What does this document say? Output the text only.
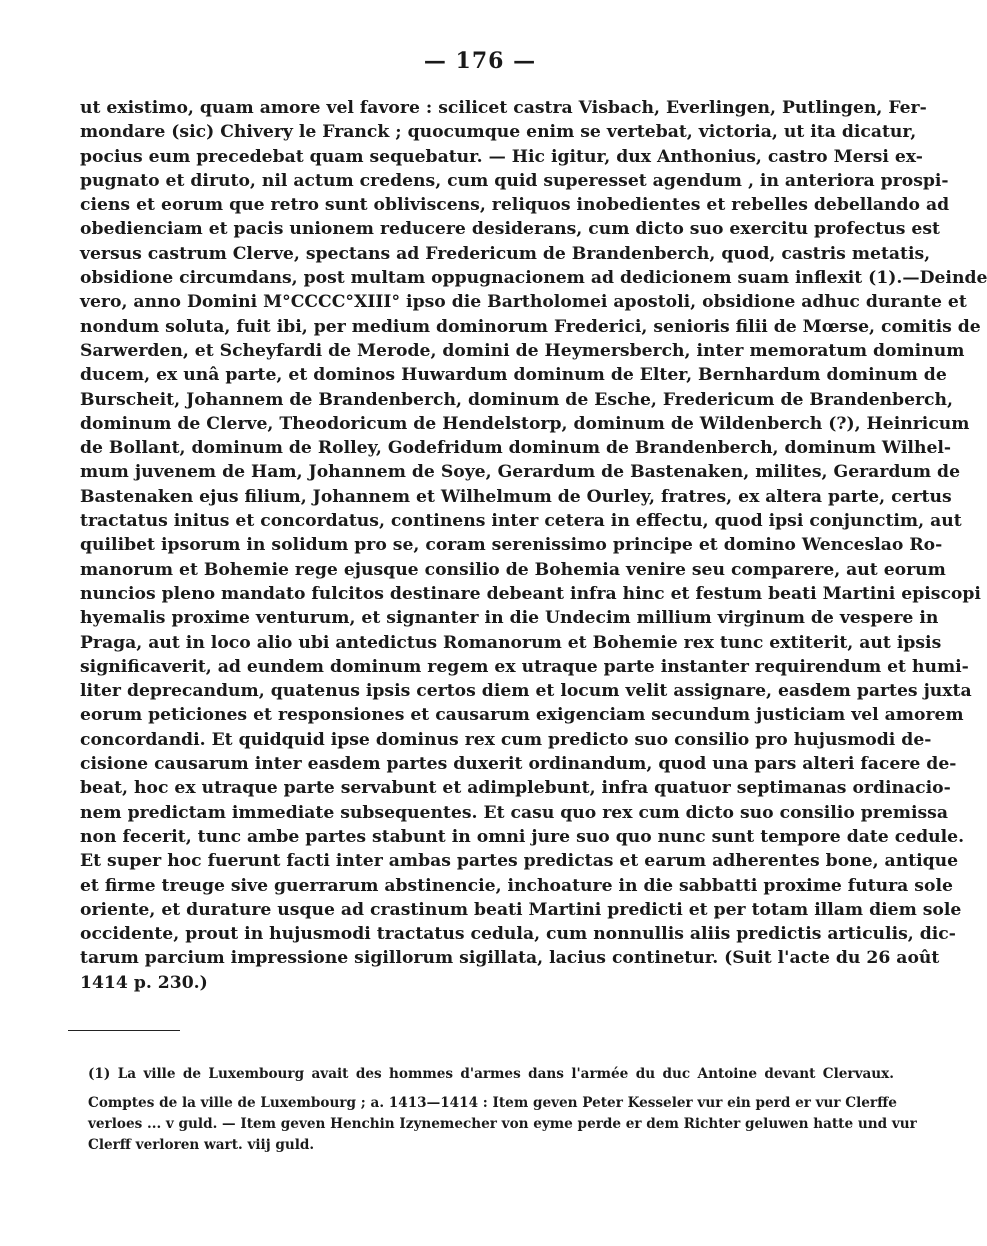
— 176 —
ut existimo, quam amore vel favore : scilicet castra Visbach, Everlingen, Putlingen, Fer-
mondare (sic) Chivery le Franck ; quocumque enim se vertebat, victoria, ut ita dicatur,
pocius eum precedebat quam sequebatur. — Hic igitur, dux Anthonius, castro Mersi ex-
pugnato et diruto, nil actum credens, cum quid superesset agendum , in anteriora prospi-
ciens et eorum que retro sunt obliviscens, reliquos inobedientes et rebelles debellando ad
obedienciam et pacis unionem reducere desiderans, cum dicto suo exercitu profectus est
versus castrum Clerve, spectans ad Fredericum de Brandenberch, quod, castris metatis,
obsidione circumdans, post multam oppugnacionem ad dedicionem suam inflexit (1).—Deinde
vero, anno Domini M°CCCC°XIII° ipso die Bartholomei apostoli, obsidione adhuc durante et
nondum soluta, fuit ibi, per medium dominorum Frederici, senioris filii de Mœrse, comitis de
Sarwerden, et Scheyfardi de Merode, domini de Heymersberch, inter memoratum dominum
ducem, ex unâ parte, et dominos Huwardum dominum de Elter, Bernhardum dominum de
Burscheit, Johannem de Brandenberch, dominum de Esche, Fredericum de Brandenberch,
dominum de Clerve, Theodoricum de Hendelstorp, dominum de Wildenberch (?), Heinricum
de Bollant, dominum de Rolley, Godefridum dominum de Brandenberch, dominum Wilhel-
mum juvenem de Ham, Johannem de Soye, Gerardum de Bastenaken, milites, Gerardum de
Bastenaken ejus filium, Johannem et Wilhelmum de Ourley, fratres, ex altera parte, certus
tractatus initus et concordatus, continens inter cetera in effectu, quod ipsi conjunctim, aut
quilibet ipsorum in solidum pro se, coram serenissimo principe et domino Wenceslao Ro-
manorum et Bohemie rege ejusque consilio de Bohemia venire seu comparere, aut eorum
nuncios pleno mandato fulcitos destinare debeant infra hinc et festum beati Martini episcopi
hyemalis proxime venturum, et signanter in die Undecim millium virginum de vespere in
Praga, aut in loco alio ubi antedictus Romanorum et Bohemie rex tunc extiterit, aut ipsis
significaverit, ad eundem dominum regem ex utraque parte instanter requirendum et humi-
liter deprecandum, quatenus ipsis certos diem et locum velit assignare, easdem partes juxta
eorum peticiones et responsiones et causarum exigenciam secundum justiciam vel amorem
concordandi. Et quidquid ipse dominus rex cum predicto suo consilio pro hujusmodi de-
cisione causarum inter easdem partes duxerit ordinandum, quod una pars alteri facere de-
beat, hoc ex utraque parte servabunt et adimplebunt, infra quatuor septimanas ordinacio-
nem predictam immediate subsequentes. Et casu quo rex cum dicto suo consilio premissa
non fecerit, tunc ambe partes stabunt in omni jure suo quo nunc sunt tempore date cedule.
Et super hoc fuerunt facti inter ambas partes predictas et earum adherentes bone, antique
et firme treuge sive guerrarum abstinencie, inchoature in die sabbatti proxime futura sole
oriente, et durature usque ad crastinum beati Martini predicti et per totam illam diem sole
occidente, prout in hujusmodi tractatus cedula, cum nonnullis aliis predictis articulis, dic-
tarum parcium impressione sigillorum sigillata, lacius continetur. (Suit l'acte du 26 août
1414 p. 230.)
(1) La ville de Luxembourg avait des hommes d'armes dans l'armée du duc Antoine devant Clervaux.
Comptes de la ville de Luxembourg ; a. 1413—1414 : Item geven Peter Kesseler vur ein perd er vur Clerffe
verloes ... v guld. — Item geven Henchin Izynemecher von eyme perde er dem Richter geluwen hatte und vur
Clerff verloren wart. viij guld.
